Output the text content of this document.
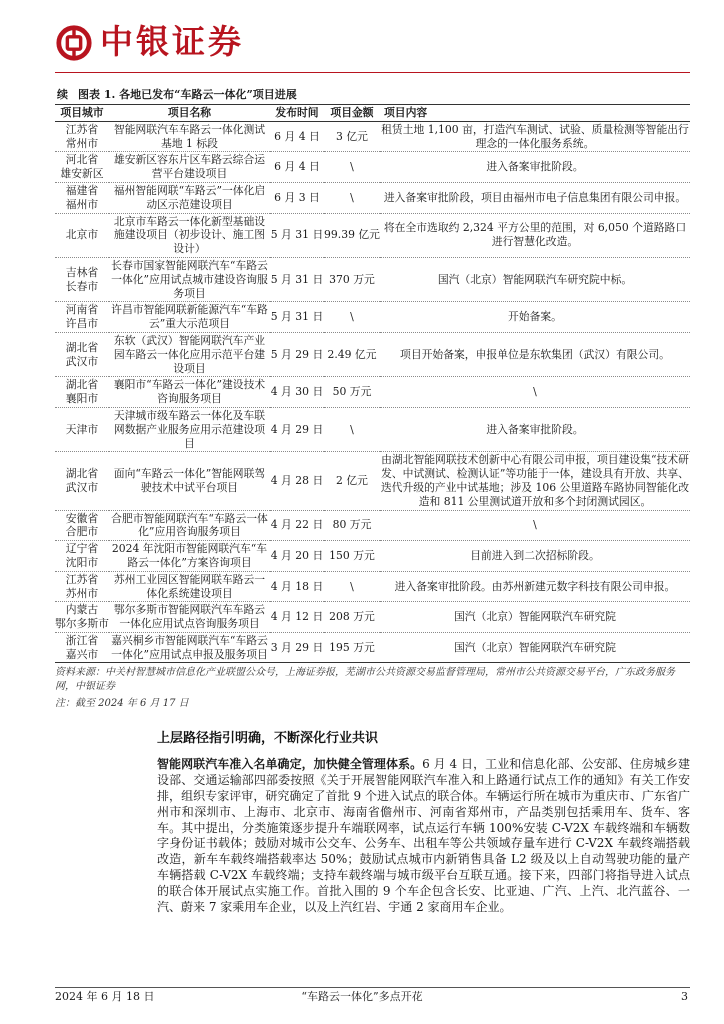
中银证券
续 图表 1. 各地已发布“车路云一体化”项目进展
项目城市	项目名称	发布时间	项目金额	项目内容

江苏省
常州市	智能网联汽车车路云一体化测试基地 1 标段	6 月 4 日	3 亿元	租赁土地 1,100 亩，打造汽车测试、试验、质量检测等智能出行理念的一体化服务系统。

河北省
雄安新区	雄安新区容东片区车路云综合运营平台建设项目	6 月 4 日	\	进入备案审批阶段。

福建省
福州市	福州智能网联“车路云”一体化启动区示范建设项目	6 月 3 日	\	进入备案审批阶段，项目由福州市电子信息集团有限公司申报。

北京市	北京市车路云一体化新型基础设施建设项目（初步设计、施工图设计）	5 月 31 日	99.39 亿元	将在全市选取约 2,324 平方公里的范围，对 6,050 个道路路口进行智慧化改造。

吉林省
长春市	长春市国家智能网联汽车“车路云一体化”应用试点城市建设咨询服务项目	5 月 31 日	370 万元	国汽（北京）智能网联汽车研究院中标。

河南省
许昌市	许昌市智能网联新能源汽车“车路云”重大示范项目	5 月 31 日	\	开始备案。

湖北省
武汉市	东软（武汉）智能网联汽车产业园车路云一体化应用示范平台建设项目	5 月 29 日	2.49 亿元	项目开始备案，申报单位是东软集团（武汉）有限公司。

湖北省
襄阳市	襄阳市“车路云一体化”建设技术咨询服务项目	4 月 30 日	50 万元	\

天津市	天津城市级车路云一体化及车联网数据产业服务应用示范建设项目	4 月 29 日	\	进入备案审批阶段。

湖北省
武汉市	面向“车路云一体化”智能网联驾驶技术中试平台项目	4 月 28 日	2 亿元	由湖北智能网联技术创新中心有限公司申报，项目建设集“技术研发、中试测试、检测认证”等功能于一体，建设具有开放、共享、迭代升级的产业中试基地；涉及 106 公里道路车路协同智能化改造和 811 公里测试道开放和多个封闭测试园区。

安徽省
合肥市	合肥市智能网联汽车“车路云一体化”应用咨询服务项目	4 月 22 日	80 万元	\

辽宁省
沈阳市	2024 年沈阳市智能网联汽车“车路云一体化”方案咨询项目	4 月 20 日	150 万元	目前进入到二次招标阶段。

江苏省
苏州市	苏州工业园区智能网联车路云一体化系统建设项目	4 月 18 日	\	进入备案审批阶段。由苏州新建元数字科技有限公司申报。

内蒙古
鄂尔多斯市	鄂尔多斯市智能网联汽车车路云一体化应用试点咨询服务项目	4 月 12 日	208 万元	国汽（北京）智能网联汽车研究院

浙江省
嘉兴市	嘉兴桐乡市智能网联汽车“车路云一体化”应用试点申报及服务项目	3 月 29 日	195 万元	国汽（北京）智能网联汽车研究院
资料来源：中关村智慧城市信息化产业联盟公众号，上海证券报，芜湖市公共资源交易监督管理局，常州市公共资源交易平台，广东政务服务网，中银证券
注：截至 2024 年 6 月 17 日
上层路径指引明确，不断深化行业共识

智能网联汽车准入名单确定，加快健全管理体系。6 月 4 日，工业和信息化部、公安部、住房城乡建设部、交通运输部四部委按照《关于开展智能网联汽车准入和上路通行试点工作的通知》有关工作安排，组织专家评审，研究确定了首批 9 个进入试点的联合体。车辆运行所在城市为重庆市、广东省广州市和深圳市、上海市、北京市、海南省儋州市、河南省郑州市，产品类别包括乘用车、货车、客车。其中提出，分类施策逐步提升车端联网率，试点运行车辆 100%安装 C-V2X 车载终端和车辆数字身份证书载体；鼓励对城市公交车、公务车、出租车等公共领域存量车进行 C-V2X 车载终端搭载改造，新车车载终端搭载率达 50%；鼓励试点城市内新销售具备 L2 级及以上自动驾驶功能的量产车辆搭载 C-V2X 车载终端；支持车载终端与城市级平台互联互通。接下来，四部门将指导进入试点的联合体开展试点实施工作。首批入围的 9 个车企包含长安、比亚迪、广汽、上汽、北汽蓝谷、一汽、蔚来 7 家乘用车企业，以及上汽红岩、宇通 2 家商用车企业。

2024 年 6 月 18 日	“车路云一体化”多点开花	3
